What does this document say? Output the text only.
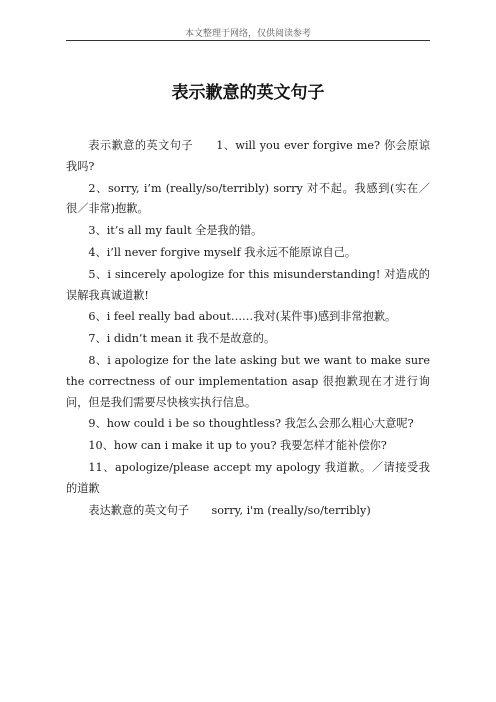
本文整理于网络，仅供阅读参考
表示歉意的英文句子

表示歉意的英文句子　　1、will you ever forgive me? 你会原谅我吗?

2、sorry, i’m (really/so/terribly) sorry 对不起。我感到(实在／很／非常)抱歉。

3、it’s all my fault 全是我的错。

4、i’ll never forgive myself 我永远不能原谅自己。

5、i sincerely apologize for this misunderstanding! 对造成的误解我真诚道歉!

6、i feel really bad about……我对(某件事)感到非常抱歉。

7、i didn’t mean it 我不是故意的。

8、i apologize for the late asking but we want to make sure the correctness of our implementation asap 很抱歉现在才进行询问，但是我们需要尽快核实执行信息。

9、how could i be so thoughtless? 我怎么会那么粗心大意呢?

10、how can i make it up to you? 我要怎样才能补偿你?

11、apologize/please accept my apology 我道歉。／请接受我的道歉

表达歉意的英文句子　　sorry, i'm (really/so/terribly)
